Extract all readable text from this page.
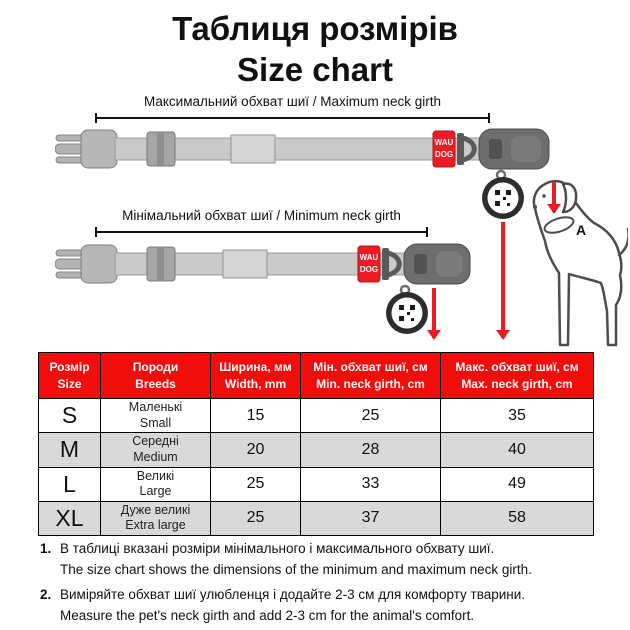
Таблиця розмірів
Size chart
Максимальний обхват шиї / Maximum neck girth
WAU
DOG
Мінімальний обхват шиї / Minimum neck girth
WAU
DOG
A
Розмір
Size	Породи
Breeds	Ширина, мм
Width, mm	Мін. обхват шиї, см
Min. neck girth, cm	Макс. обхват шиї, см
Max. neck girth, cm

S	Маленькі
Small	15	25	35
M	Середні
Medium	20	28	40
L	Великі
Large	25	33	49
XL	Дуже великі
Extra large	25	37	58
1. В таблиці вказані розміри мінімального і максимального обхвату шиї.
The size chart shows the dimensions of the minimum and maximum neck girth.
2. Виміряйте обхват шиї улюбленця і додайте 2-3 см для комфорту тварини.
Measure the pet's neck girth and add 2-3 cm for the animal's comfort.
